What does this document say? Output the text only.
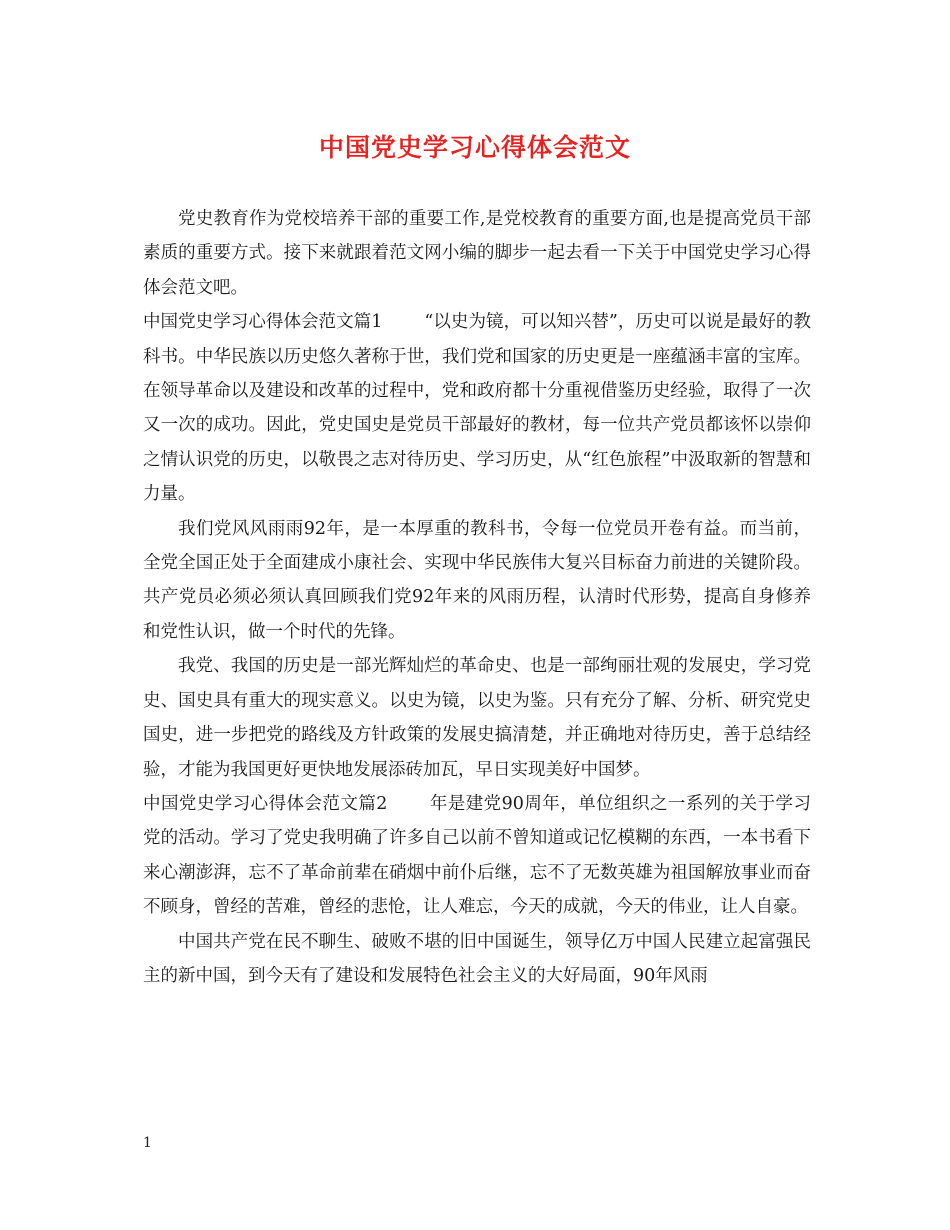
中国党史学习心得体会范文

党史教育作为党校培养干部的重要工作,是党校教育的重要方面,也是提高党员干部素质的重要方式。接下来就跟着范文网小编的脚步一起去看一下关于中国党史学习心得体会范文吧。

中国党史学习心得体会范文篇1 “以史为镜，可以知兴替”，历史可以说是最好的教科书。中华民族以历史悠久著称于世，我们党和国家的历史更是一座蕴涵丰富的宝库。在领导革命以及建设和改革的过程中，党和政府都十分重视借鉴历史经验，取得了一次又一次的成功。因此，党史国史是党员干部最好的教材，每一位共产党员都该怀以崇仰之情认识党的历史，以敬畏之志对待历史、学习历史，从“红色旅程”中汲取新的智慧和力量。

我们党风风雨雨92年，是一本厚重的教科书，令每一位党员开卷有益。而当前，全党全国正处于全面建成小康社会、实现中华民族伟大复兴目标奋力前进的关键阶段。共产党员必须必须认真回顾我们党92年来的风雨历程，认清时代形势，提高自身修养和党性认识，做一个时代的先锋。

我党、我国的历史是一部光辉灿烂的革命史、也是一部绚丽壮观的发展史，学习党史、国史具有重大的现实意义。以史为镜，以史为鉴。只有充分了解、分析、研究党史国史，进一步把党的路线及方针政策的发展史搞清楚，并正确地对待历史，善于总结经验，才能为我国更好更快地发展添砖加瓦，早日实现美好中国梦。

中国党史学习心得体会范文篇2 年是建党90周年，单位组织之一系列的关于学习党的活动。学习了党史我明确了许多自己以前不曾知道或记忆模糊的东西，一本书看下来心潮澎湃，忘不了革命前辈在硝烟中前仆后继，忘不了无数英雄为祖国解放事业而奋不顾身，曾经的苦难，曾经的悲怆，让人难忘，今天的成就，今天的伟业，让人自豪。

中国共产党在民不聊生、破败不堪的旧中国诞生，领导亿万中国人民建立起富强民主的新中国，到今天有了建设和发展特色社会主义的大好局面，90年风雨

1
